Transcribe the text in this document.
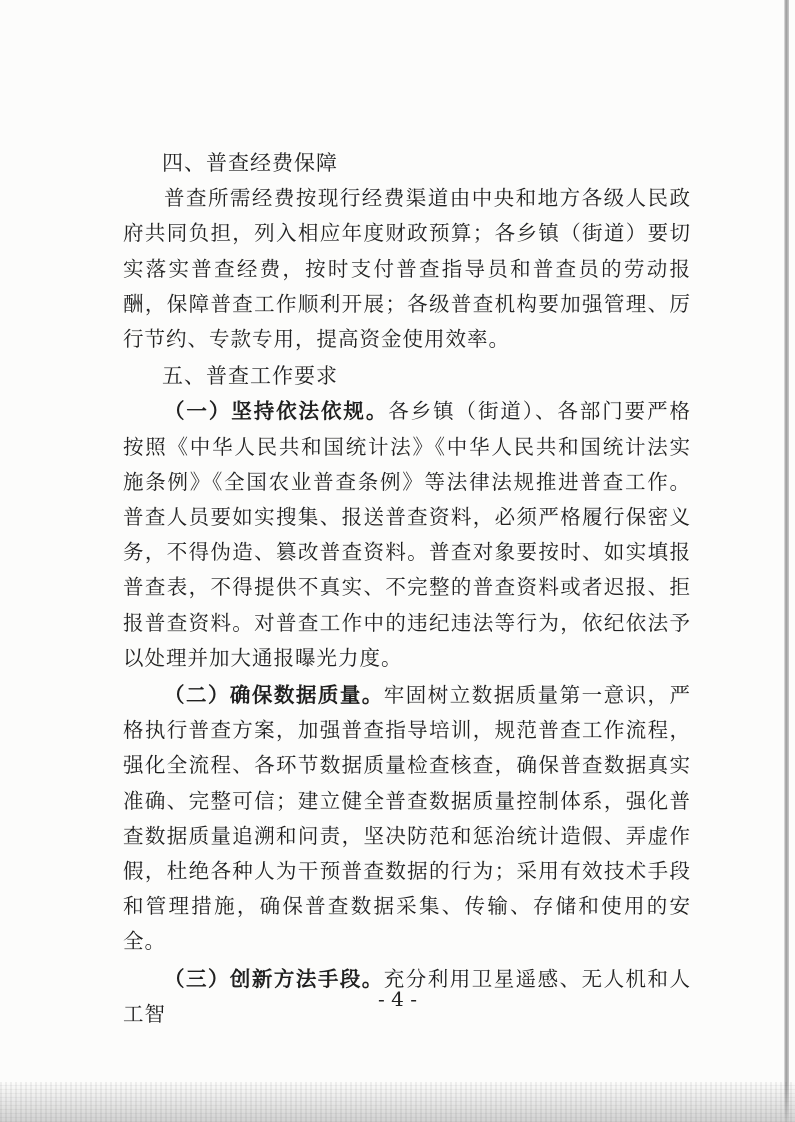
四、普查经费保障

普查所需经费按现行经费渠道由中央和地方各级人民政府共同负担，列入相应年度财政预算；各乡镇（街道）要切实落实普查经费，按时支付普查指导员和普查员的劳动报酬，保障普查工作顺利开展；各级普查机构要加强管理、厉行节约、专款专用，提高资金使用效率。

五、普查工作要求

（一）坚持依法依规。各乡镇（街道）、各部门要严格按照《中华人民共和国统计法》《中华人民共和国统计法实施条例》《全国农业普查条例》等法律法规推进普查工作。普查人员要如实搜集、报送普查资料，必须严格履行保密义务，不得伪造、篡改普查资料。普查对象要按时、如实填报普查表，不得提供不真实、不完整的普查资料或者迟报、拒报普查资料。对普查工作中的违纪违法等行为，依纪依法予以处理并加大通报曝光力度。

（二）确保数据质量。牢固树立数据质量第一意识，严格执行普查方案，加强普查指导培训，规范普查工作流程，强化全流程、各环节数据质量检查核查，确保普查数据真实准确、完整可信；建立健全普查数据质量控制体系，强化普查数据质量追溯和问责，坚决防范和惩治统计造假、弄虚作假，杜绝各种人为干预普查数据的行为；采用有效技术手段和管理措施，确保普查数据采集、传输、存储和使用的安全。

（三）创新方法手段。充分利用卫星遥感、无人机和人工智

- 4 -
